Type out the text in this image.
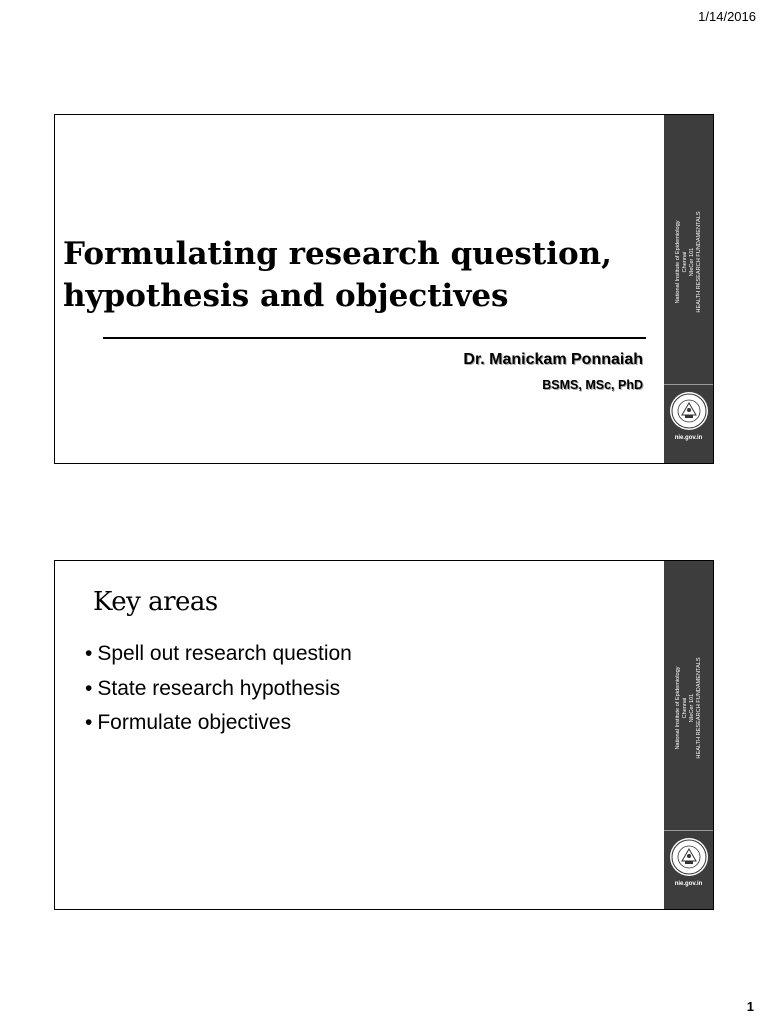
1/14/2016
Formulating research question,
hypothesis and objectives
Dr. Manickam Ponnaiah
BSMS, MSc, PhD
National Institute of Epidemiology Chennai NIeCer 101 HEALTH RESEARCH FUNDAMENTALS
nie.gov.in
Key areas
• Spell out research question
• State research hypothesis
• Formulate objectives	National Institute of Epidemiology Chennai NIeCer 101 HEALTH RESEARCH FUNDAMENTALS
nie.gov.in
1
